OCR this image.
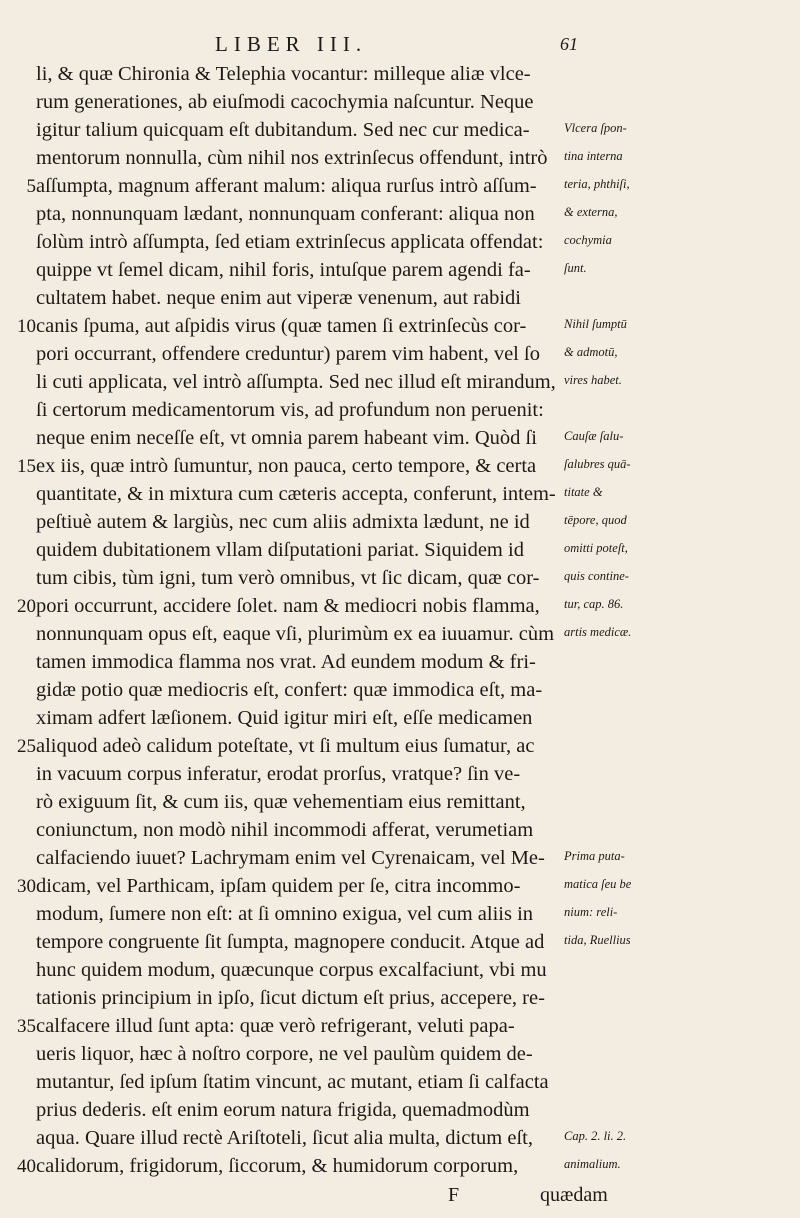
LIBER III.	61
li, & quæ Chironia & Telephia vocantur: milleque aliæ vlce-
rum generationes, ab eiuſmodi cacochymia naſcuntur. Neque
igitur talium quicquam eſt dubitandum. Sed nec cur medica-	Vlcera ſpon-
mentorum nonnulla, cùm nihil nos extrinſecus offendunt, intrò	tina interna
5 aſſumpta, magnum afferant malum: aliqua rurſus intrò aſſum-	teria, phthiſi,
pta, nonnunquam lædant, nonnunquam conferant: aliqua non	& externa,
ſolùm intrò aſſumpta, ſed etiam extrinſecus applicata offendat:	cochymia
quippe vt ſemel dicam, nihil foris, intuſque parem agendi fa-	ſunt.
cultatem habet. neque enim aut viperæ venenum, aut rabidi
10 canis ſpuma, aut aſpidis virus (quæ tamen ſi extrinſecùs cor-	Nihil ſumptū
pori occurrant, offendere creduntur) parem vim habent, vel ſo	& admotū,
li cuti applicata, vel intrò aſſumpta. Sed nec illud eſt mirandum, vires habet.
ſi certorum medicamentorum vis, ad profundum non peruenit:
neque enim neceſſe eſt, vt omnia parem habeant vim. Quòd ſi	Cauſæ ſalu-
15 ex iis, quæ intrò ſumuntur, non pauca, certo tempore, & certa	ſalubres quā-
quantitate, & in mixtura cum cæteris accepta, conferunt, intem- titate &
peſtiuè autem & largiùs, nec cum aliis admixta lædunt, ne id	tēpore, quod
quidem dubitationem vllam diſputationi pariat. Siquidem id	omitti poteſt,
tum cibis, tùm igni, tum verò omnibus, vt ſic dicam, quæ cor-	quis contine-
20 pori occurrunt, accidere ſolet. nam & mediocri nobis flamma,	tur, cap. 86.
nonnunquam opus eſt, eaque vſi, plurimùm ex ea iuuamur. cùm artis medicæ.
tamen immodica flamma nos vrat. Ad eundem modum & fri-
gidæ potio quæ mediocris eſt, confert: quæ immodica eſt, ma-
ximam adfert læſionem. Quid igitur miri eſt, eſſe medicamen
25 aliquod adeò calidum poteſtate, vt ſi multum eius ſumatur, ac
in vacuum corpus inferatur, erodat prorſus, vratque? ſin ve-
rò exiguum ſit, & cum iis, quæ vehementiam eius remittant,
coniunctum, non modò nihil incommodi afferat, verumetiam
calfaciendo iuuet? Lachrymam enim vel Cyrenaicam, vel Me-	Prima puta-
30 dicam, vel Parthicam, ipſam quidem per ſe, citra incommo-	matica ſeu be
modum, ſumere non eſt: at ſi omnino exigua, vel cum aliis in	nium: reli-
tempore congruente ſit ſumpta, magnopere conducit. Atque ad	tida, Ruellius
hunc quidem modum, quæcunque corpus excalfaciunt, vbi mu
tationis principium in ipſo, ſicut dictum eſt prius, accepere, re-
35 calfacere illud ſunt apta: quæ verò refrigerant, veluti papa-
ueris liquor, hæc à noſtro corpore, ne vel paulùm quidem de-
mutantur, ſed ipſum ſtatim vincunt, ac mutant, etiam ſi calfacta
prius dederis. eſt enim eorum natura frigida, quemadmodùm
aqua. Quare illud rectè Ariſtoteli, ſicut alia multa, dictum eſt,	Cap. 2. li. 2.
40 calidorum, frigidorum, ſiccorum, & humidorum corporum,	animalium.
F	quædam
